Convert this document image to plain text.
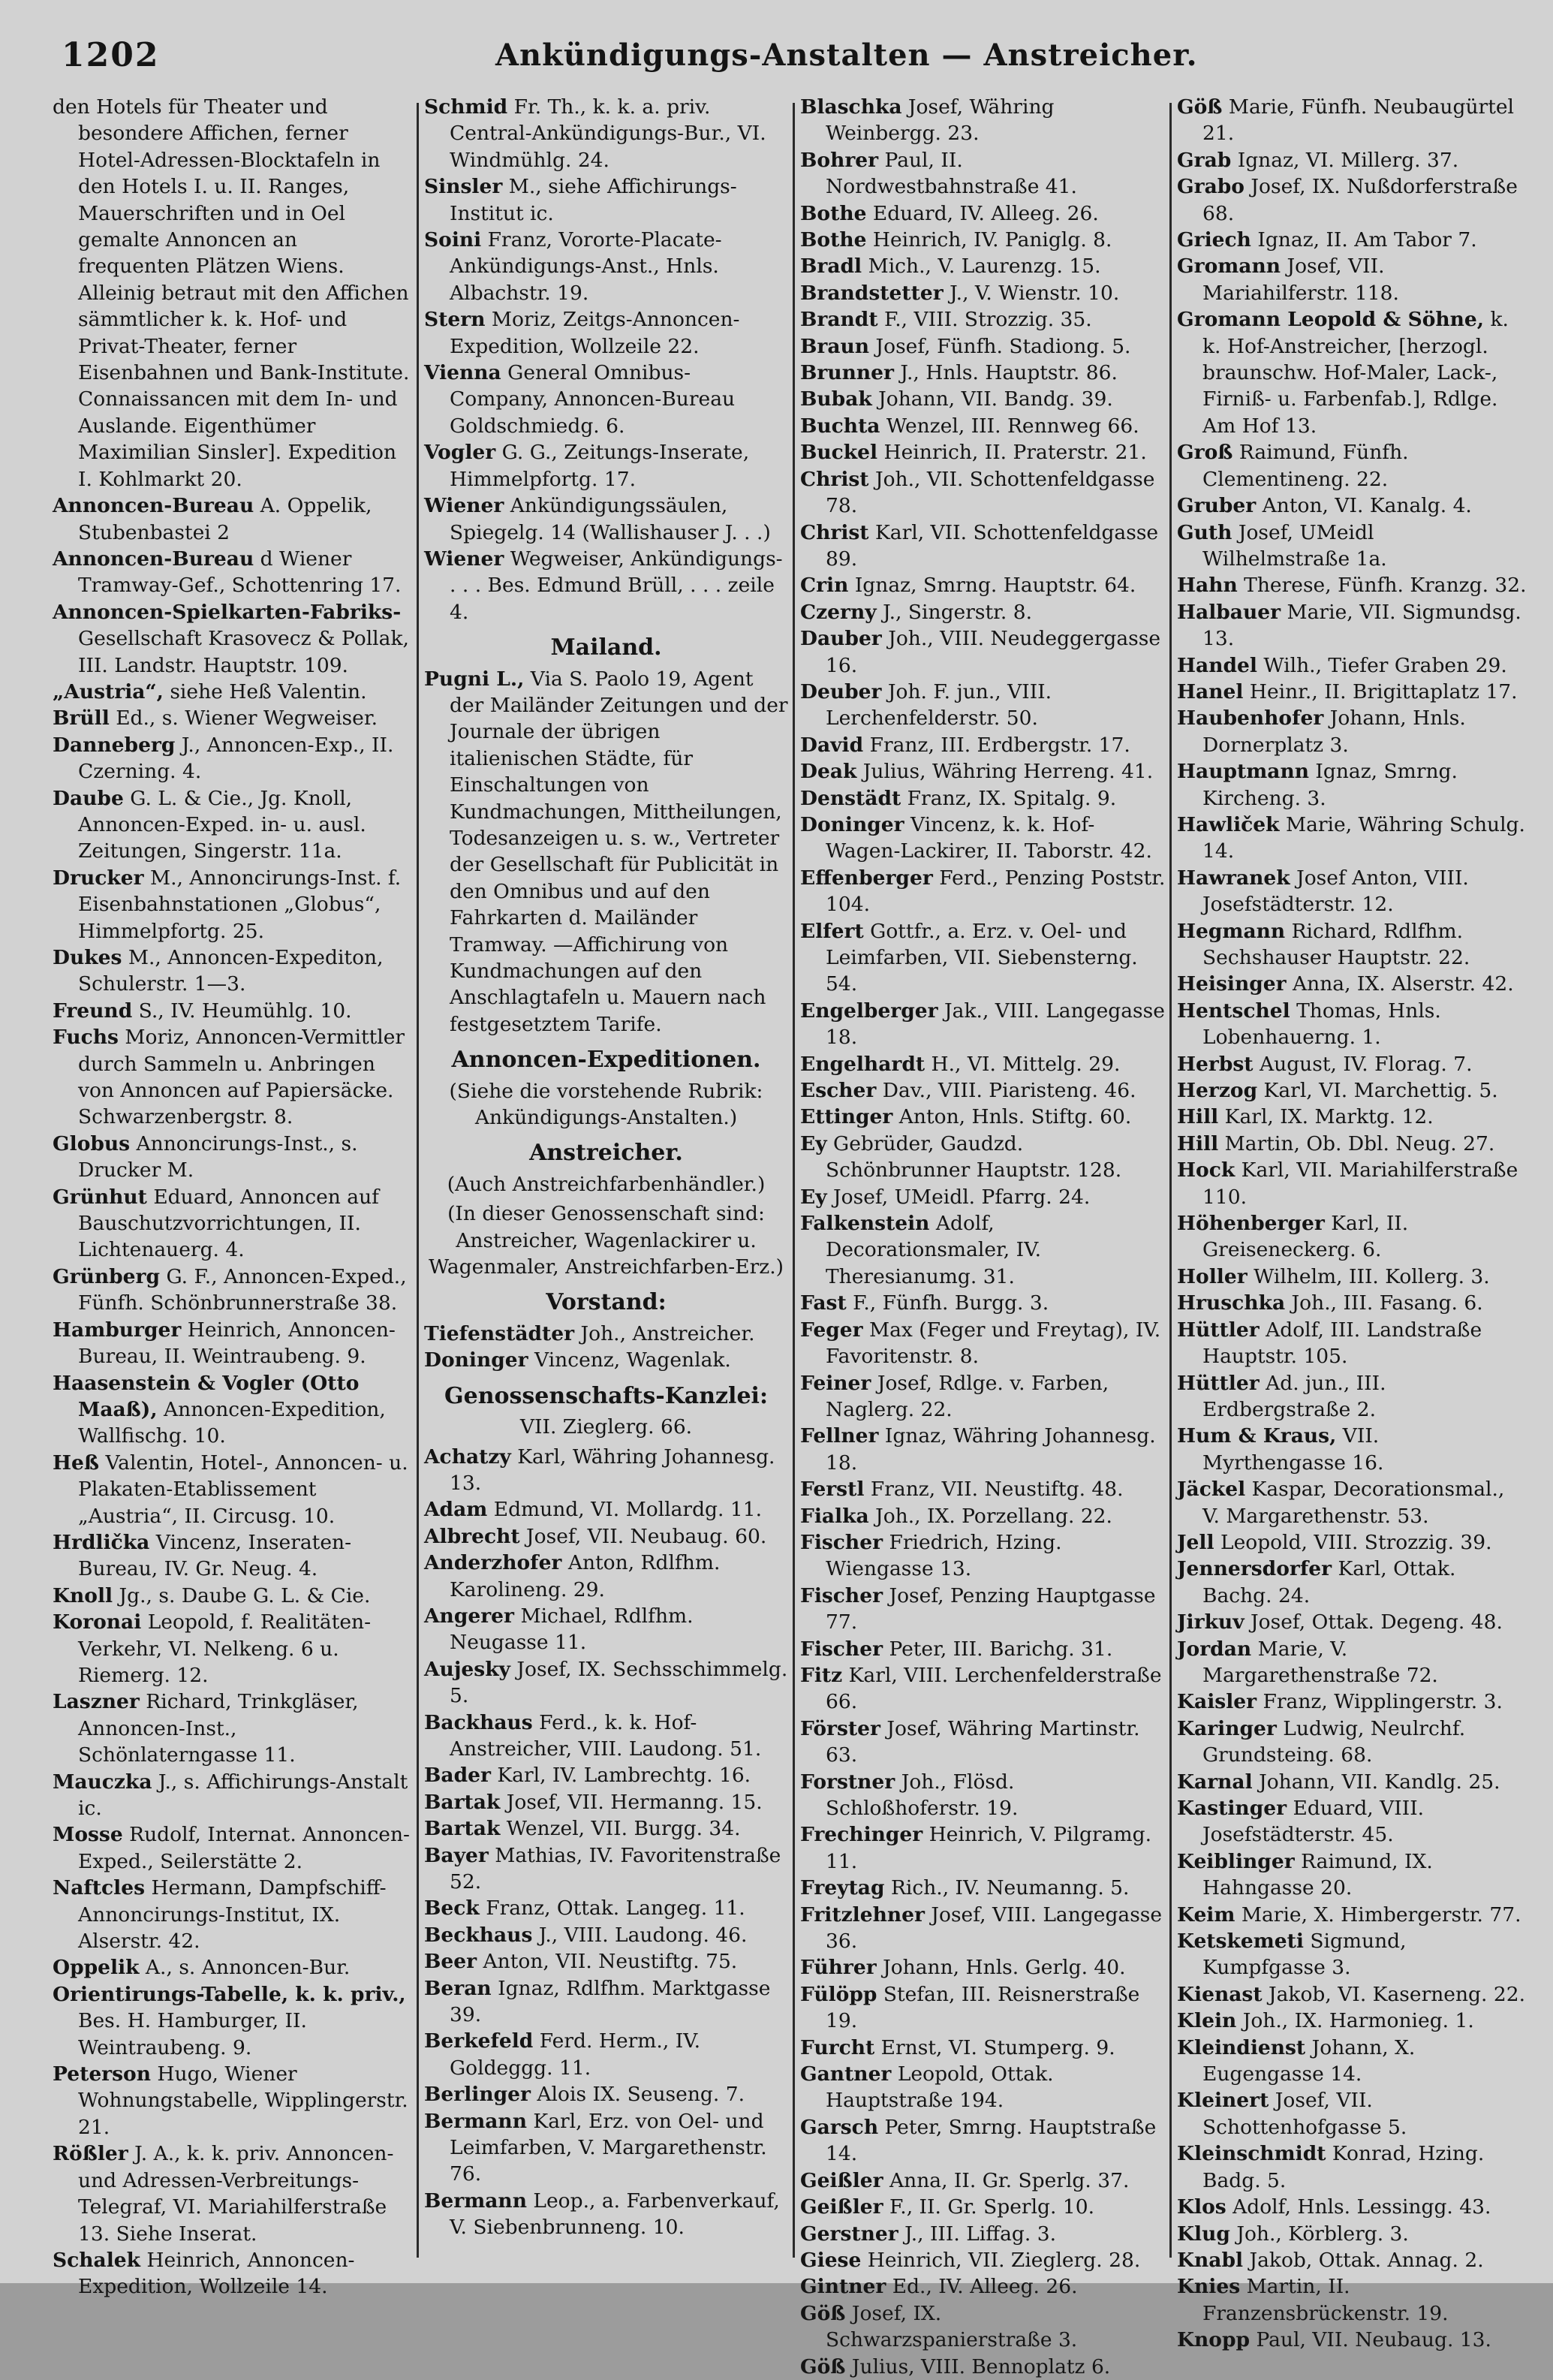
1202	Ankündigungs-Anstalten — Anstreicher.

den Hotels für Theater und besondere Affichen, ferner Hotel-Adressen-Blocktafeln in den Hotels I. u. II. Ranges, Mauerschriften und in Oel gemalte Annoncen an frequenten Plätzen Wiens. Alleinig betraut mit den Affichen sämmtlicher k. k. Hof- und Privat-Theater, ferner Eisenbahnen und Bank-Institute. Connaissancen mit dem In- und Auslande. Eigenthümer Maximilian Sinsler]. Expedition I. Kohlmarkt 20.

Annoncen-Bureau A. Oppelik, Stubenbastei 2

Annoncen-Bureau d Wiener Tramway-Gef., Schottenring 17.

Annoncen-Spielkarten-Fabriks-Gesellschaft Krasovecz & Pollak, III. Landstr. Hauptstr. 109.

„Austria“, siehe Heß Valentin.

Brüll Ed., s. Wiener Wegweiser.

Danneberg J., Annoncen-Exp., II. Czerning. 4.

Daube G. L. & Cie., Jg. Knoll, Annoncen-Exped. in- u. ausl. Zeitungen, Singerstr. 11a.

Drucker M., Annoncirungs-Inst. f. Eisenbahnstationen „Globus“, Himmelpfortg. 25.

Dukes M., Annoncen-Expediton, Schulerstr. 1—3.

Freund S., IV. Heumühlg. 10.

Fuchs Moriz, Annoncen-Vermittler durch Sammeln u. Anbringen von Annoncen auf Papiersäcke. Schwarzenbergstr. 8.

Globus Annoncirungs-Inst., s. Drucker M.

Grünhut Eduard, Annoncen auf Bauschutzvorrichtungen, II. Lichtenauerg. 4.

Grünberg G. F., Annoncen-Exped., Fünfh. Schönbrunnerstraße 38.

Hamburger Heinrich, Annoncen-Bureau, II. Weintraubeng. 9.

Haasenstein & Vogler (Otto Maaß), Annoncen-Expedition, Wallfischg. 10.

Heß Valentin, Hotel-, Annoncen- u. Plakaten-Etablissement „Austria“, II. Circusg. 10.

Hrdlička Vincenz, Inseraten-Bureau, IV. Gr. Neug. 4.

Knoll Jg., s. Daube G. L. & Cie.

Koronai Leopold, f. Realitäten-Verkehr, VI. Nelkeng. 6 u. Riemerg. 12.

Laszner Richard, Trinkgläser, Annoncen-Inst., Schönlaterngasse 11.

Mauczka J., s. Affichirungs-Anstalt ic.

Mosse Rudolf, Internat. Annoncen-Exped., Seilerstätte 2.

Naftcles Hermann, Dampfschiff-Annoncirungs-Institut, IX. Alserstr. 42.

Oppelik A., s. Annoncen-Bur.

Orientirungs-Tabelle, k. k. priv., Bes. H. Hamburger, II. Weintraubeng. 9.

Peterson Hugo, Wiener Wohnungstabelle, Wipplingerstr. 21.

Rößler J. A., k. k. priv. Annoncen- und Adressen-Verbreitungs-Telegraf, VI. Mariahilferstraße 13. Siehe Inserat.

Schalek Heinrich, Annoncen-Expedition, Wollzeile 14.

Schmid Fr. Th., k. k. a. priv. Central-Ankündigungs-Bur., VI. Windmühlg. 24.

Sinsler M., siehe Affichirungs-Institut ic.

Soini Franz, Vororte-Placate-Ankündigungs-Anst., Hnls. Albachstr. 19.

Stern Moriz, Zeitgs-Annoncen-Expedition, Wollzeile 22.

Vienna General Omnibus-Company, Annoncen-Bureau Goldschmiedg. 6.

Vogler G. G., Zeitungs-Inserate, Himmelpfortg. 17.

Wiener Ankündigungssäulen, Spiegelg. 14 (Wallishauser J. . .)

Wiener Wegweiser, Ankündigungs- . . . Bes. Edmund Brüll, . . . zeile 4.

Mailand.

Pugni L., Via S. Paolo 19, Agent der Mailänder Zeitungen und der Journale der übrigen italienischen Städte, für Einschaltungen von Kundmachungen, Mittheilungen, Todesanzeigen u. s. w., Vertreter der Gesellschaft für Publicität in den Omnibus und auf den Fahrkarten d. Mailänder Tramway. —Affichirung von Kundmachungen auf den Anschlagtafeln u. Mauern nach festgesetztem Tarife.

Annoncen-Expeditionen.

(Siehe die vorstehende Rubrik: Ankündigungs-Anstalten.)

Anstreicher.

(Auch Anstreichfarbenhändler.)

(In dieser Genossenschaft sind: Anstreicher, Wagenlackirer u. Wagenmaler, Anstreichfarben-Erz.)

Vorstand:

Tiefenstädter Joh., Anstreicher.

Doninger Vincenz, Wagenlak.

Genossenschafts-Kanzlei:

VII. Zieglerg. 66.

Achatzy Karl, Währing Johannesg. 13.

Adam Edmund, VI. Mollardg. 11.

Albrecht Josef, VII. Neubaug. 60.

Anderzhofer Anton, Rdlfhm. Karolineng. 29.

Angerer Michael, Rdlfhm. Neugasse 11.

Aujesky Josef, IX. Sechsschimmelg. 5.

Backhaus Ferd., k. k. Hof-Anstreicher, VIII. Laudong. 51.

Bader Karl, IV. Lambrechtg. 16.

Bartak Josef, VII. Hermanng. 15.

Bartak Wenzel, VII. Burgg. 34.

Bayer Mathias, IV. Favoritenstraße 52.

Beck Franz, Ottak. Langeg. 11.

Beckhaus J., VIII. Laudong. 46.

Beer Anton, VII. Neustiftg. 75.

Beran Ignaz, Rdlfhm. Marktgasse 39.

Berkefeld Ferd. Herm., IV. Goldeggg. 11.

Berlinger Alois IX. Seuseng. 7.

Bermann Karl, Erz. von Oel- und Leimfarben, V. Margarethenstr. 76.

Bermann Leop., a. Farbenverkauf, V. Siebenbrunneng. 10.

Blaschka Josef, Währing Weinbergg. 23.

Bohrer Paul, II. Nordwestbahnstraße 41.

Bothe Eduard, IV. Alleeg. 26.

Bothe Heinrich, IV. Paniglg. 8.

Bradl Mich., V. Laurenzg. 15.

Brandstetter J., V. Wienstr. 10.

Brandt F., VIII. Strozzig. 35.

Braun Josef, Fünfh. Stadiong. 5.

Brunner J., Hnls. Hauptstr. 86.

Bubak Johann, VII. Bandg. 39.

Buchta Wenzel, III. Rennweg 66.

Buckel Heinrich, II. Praterstr. 21.

Christ Joh., VII. Schottenfeldgasse 78.

Christ Karl, VII. Schottenfeldgasse 89.

Crin Ignaz, Smrng. Hauptstr. 64.

Czerny J., Singerstr. 8.

Dauber Joh., VIII. Neudeggergasse 16.

Deuber Joh. F. jun., VIII. Lerchenfelderstr. 50.

David Franz, III. Erdbergstr. 17.

Deak Julius, Währing Herreng. 41.

Denstädt Franz, IX. Spitalg. 9.

Doninger Vincenz, k. k. Hof-Wagen-Lackirer, II. Taborstr. 42.

Effenberger Ferd., Penzing Poststr. 104.

Elfert Gottfr., a. Erz. v. Oel- und Leimfarben, VII. Siebensterng. 54.

Engelberger Jak., VIII. Langegasse 18.

Engelhardt H., VI. Mittelg. 29.

Escher Dav., VIII. Piaristeng. 46.

Ettinger Anton, Hnls. Stiftg. 60.

Ey Gebrüder, Gaudzd. Schönbrunner Hauptstr. 128.

Ey Josef, UMeidl. Pfarrg. 24.

Falkenstein Adolf, Decorationsmaler, IV. Theresianumg. 31.

Fast F., Fünfh. Burgg. 3.

Feger Max (Feger und Freytag), IV. Favoritenstr. 8.

Feiner Josef, Rdlge. v. Farben, Naglerg. 22.

Fellner Ignaz, Währing Johannesg. 18.

Ferstl Franz, VII. Neustiftg. 48.

Fialka Joh., IX. Porzellang. 22.

Fischer Friedrich, Hzing. Wiengasse 13.

Fischer Josef, Penzing Hauptgasse 77.

Fischer Peter, III. Barichg. 31.

Fitz Karl, VIII. Lerchenfelderstraße 66.

Förster Josef, Währing Martinstr. 63.

Forstner Joh., Flösd. Schloßhoferstr. 19.

Frechinger Heinrich, V. Pilgramg. 11.

Freytag Rich., IV. Neumanng. 5.

Fritzlehner Josef, VIII. Langegasse 36.

Führer Johann, Hnls. Gerlg. 40.

Fülöpp Stefan, III. Reisnerstraße 19.

Furcht Ernst, VI. Stumperg. 9.

Gantner Leopold, Ottak. Hauptstraße 194.

Garsch Peter, Smrng. Hauptstraße 14.

Geißler Anna, II. Gr. Sperlg. 37.

Geißler F., II. Gr. Sperlg. 10.

Gerstner J., III. Liffag. 3.

Giese Heinrich, VII. Zieglerg. 28.

Gintner Ed., IV. Alleeg. 26.

Göß Josef, IX. Schwarzspanierstraße 3.

Göß Julius, VIII. Bennoplatz 6.

Göß Marie, Fünfh. Neubaugürtel 21.

Grab Ignaz, VI. Millerg. 37.

Grabo Josef, IX. Nußdorferstraße 68.

Griech Ignaz, II. Am Tabor 7.

Gromann Josef, VII. Mariahilferstr. 118.

Gromann Leopold & Söhne, k. k. Hof-Anstreicher, [herzogl. braunschw. Hof-Maler, Lack-, Firniß- u. Farbenfab.], Rdlge. Am Hof 13.

Groß Raimund, Fünfh. Clementineng. 22.

Gruber Anton, VI. Kanalg. 4.

Guth Josef, UMeidl Wilhelmstraße 1a.

Hahn Therese, Fünfh. Kranzg. 32.

Halbauer Marie, VII. Sigmundsg. 13.

Handel Wilh., Tiefer Graben 29.

Hanel Heinr., II. Brigittaplatz 17.

Haubenhofer Johann, Hnls. Dornerplatz 3.

Hauptmann Ignaz, Smrng. Kircheng. 3.

Hawliček Marie, Währing Schulg. 14.

Hawranek Josef Anton, VIII. Josefstädterstr. 12.

Hegmann Richard, Rdlfhm. Sechshauser Hauptstr. 22.

Heisinger Anna, IX. Alserstr. 42.

Hentschel Thomas, Hnls. Lobenhauerng. 1.

Herbst August, IV. Florag. 7.

Herzog Karl, VI. Marchettig. 5.

Hill Karl, IX. Marktg. 12.

Hill Martin, Ob. Dbl. Neug. 27.

Hock Karl, VII. Mariahilferstraße 110.

Höhenberger Karl, II. Greiseneckerg. 6.

Holler Wilhelm, III. Kollerg. 3.

Hruschka Joh., III. Fasang. 6.

Hüttler Adolf, III. Landstraße Hauptstr. 105.

Hüttler Ad. jun., III. Erdbergstraße 2.

Hum & Kraus, VII. Myrthengasse 16.

Jäckel Kaspar, Decorationsmal., V. Margarethenstr. 53.

Jell Leopold, VIII. Strozzig. 39.

Jennersdorfer Karl, Ottak. Bachg. 24.

Jirkuv Josef, Ottak. Degeng. 48.

Jordan Marie, V. Margarethenstraße 72.

Kaisler Franz, Wipplingerstr. 3.

Karinger Ludwig, Neulrchf. Grundsteing. 68.

Karnal Johann, VII. Kandlg. 25.

Kastinger Eduard, VIII. Josefstädterstr. 45.

Keiblinger Raimund, IX. Hahngasse 20.

Keim Marie, X. Himbergerstr. 77.

Ketskemeti Sigmund, Kumpfgasse 3.

Kienast Jakob, VI. Kaserneng. 22.

Klein Joh., IX. Harmonieg. 1.

Kleindienst Johann, X. Eugengasse 14.

Kleinert Josef, VII. Schottenhofgasse 5.

Kleinschmidt Konrad, Hzing. Badg. 5.

Klos Adolf, Hnls. Lessingg. 43.

Klug Joh., Körblerg. 3.

Knabl Jakob, Ottak. Annag. 2.

Knies Martin, II. Franzensbrückenstr. 19.

Knopp Paul, VII. Neubaug. 13.
